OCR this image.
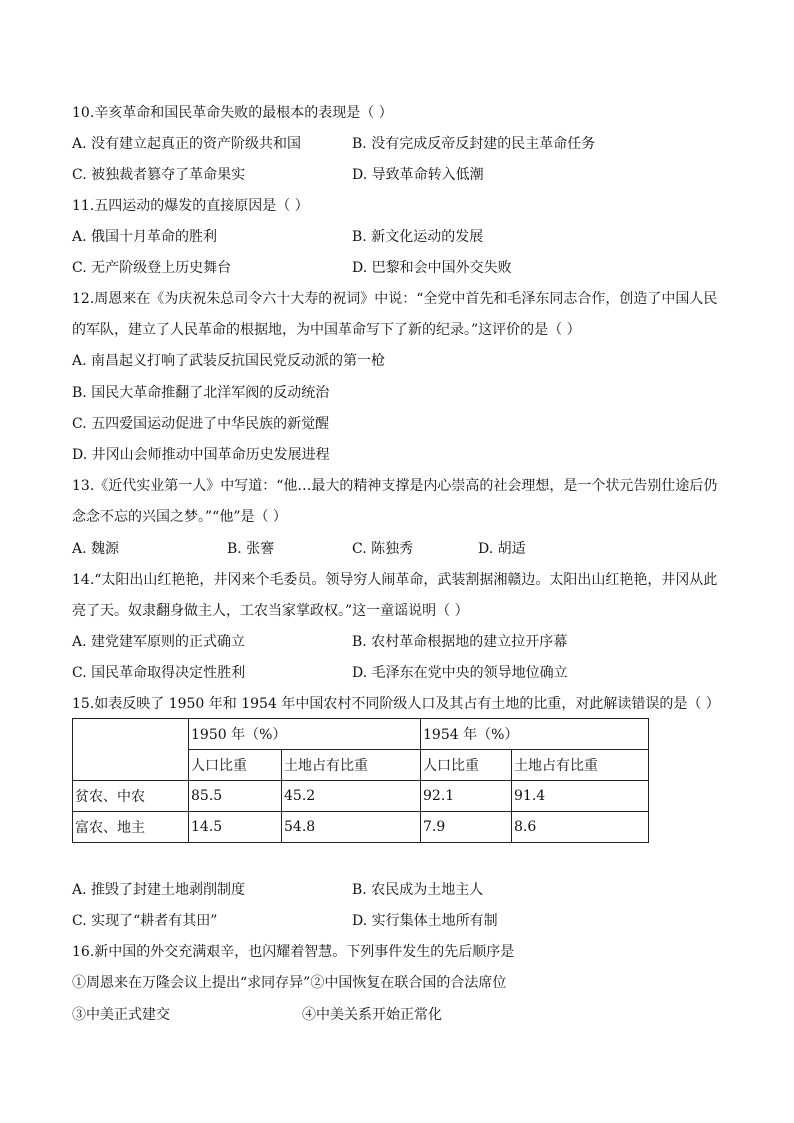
10.辛亥革命和国民革命失败的最根本的表现是（ ）
A. 没有建立起真正的资产阶级共和国	B. 没有完成反帝反封建的民主革命任务
C. 被独裁者篡夺了革命果实	D. 导致革命转入低潮
11.五四运动的爆发的直接原因是（ ）
A. 俄国十月革命的胜利	B. 新文化运动的发展
C. 无产阶级登上历史舞台	D. 巴黎和会中国外交失败
12.周恩来在《为庆祝朱总司令六十大寿的祝词》中说：“全党中首先和毛泽东同志合作，创造了中国人民
的军队，建立了人民革命的根据地，为中国革命写下了新的纪录。”这评价的是（ ）
A. 南昌起义打响了武装反抗国民党反动派的第一枪
B. 国民大革命推翻了北洋军阀的反动统治
C. 五四爱国运动促进了中华民族的新觉醒
D. 井冈山会师推动中国革命历史发展进程
13.《近代实业第一人》中写道：“他…最大的精神支撑是内心崇高的社会理想，是一个状元告别仕途后仍
念念不忘的兴国之梦。”“他”是（ ）
A. 魏源	B. 张謇	C. 陈独秀	D. 胡适
14.“太阳出山红艳艳，井冈来个毛委员。领导穷人闹革命，武装割据湘赣边。太阳出山红艳艳，井冈从此
亮了天。奴隶翻身做主人，工农当家掌政权。”这一童谣说明（ ）
A. 建党建军原则的正式确立	B. 农村革命根据地的建立拉开序幕
C. 国民革命取得决定性胜利	D. 毛泽东在党中央的领导地位确立
15.如表反映了 1950 年和 1954 年中国农村不同阶级人口及其占有土地的比重，对此解读错误的是（ ）
	1950 年（%）		1954 年（%）	
	人口比重	土地占有比重	人口比重	土地占有比重
贫农、中农	85.5	45.2	92.1	91.4
富农、地主	14.5	54.8	7.9	8.6
A. 推毁了封建土地剥削制度	B. 农民成为土地主人
C. 实现了“耕者有其田”	D. 实行集体土地所有制
16.新中国的外交充满艰辛，也闪耀着智慧。下列事件发生的先后顺序是
①周恩来在万隆会议上提出“求同存异”②中国恢复在联合国的合法席位
③中美正式建交	④中美关系开始正常化
